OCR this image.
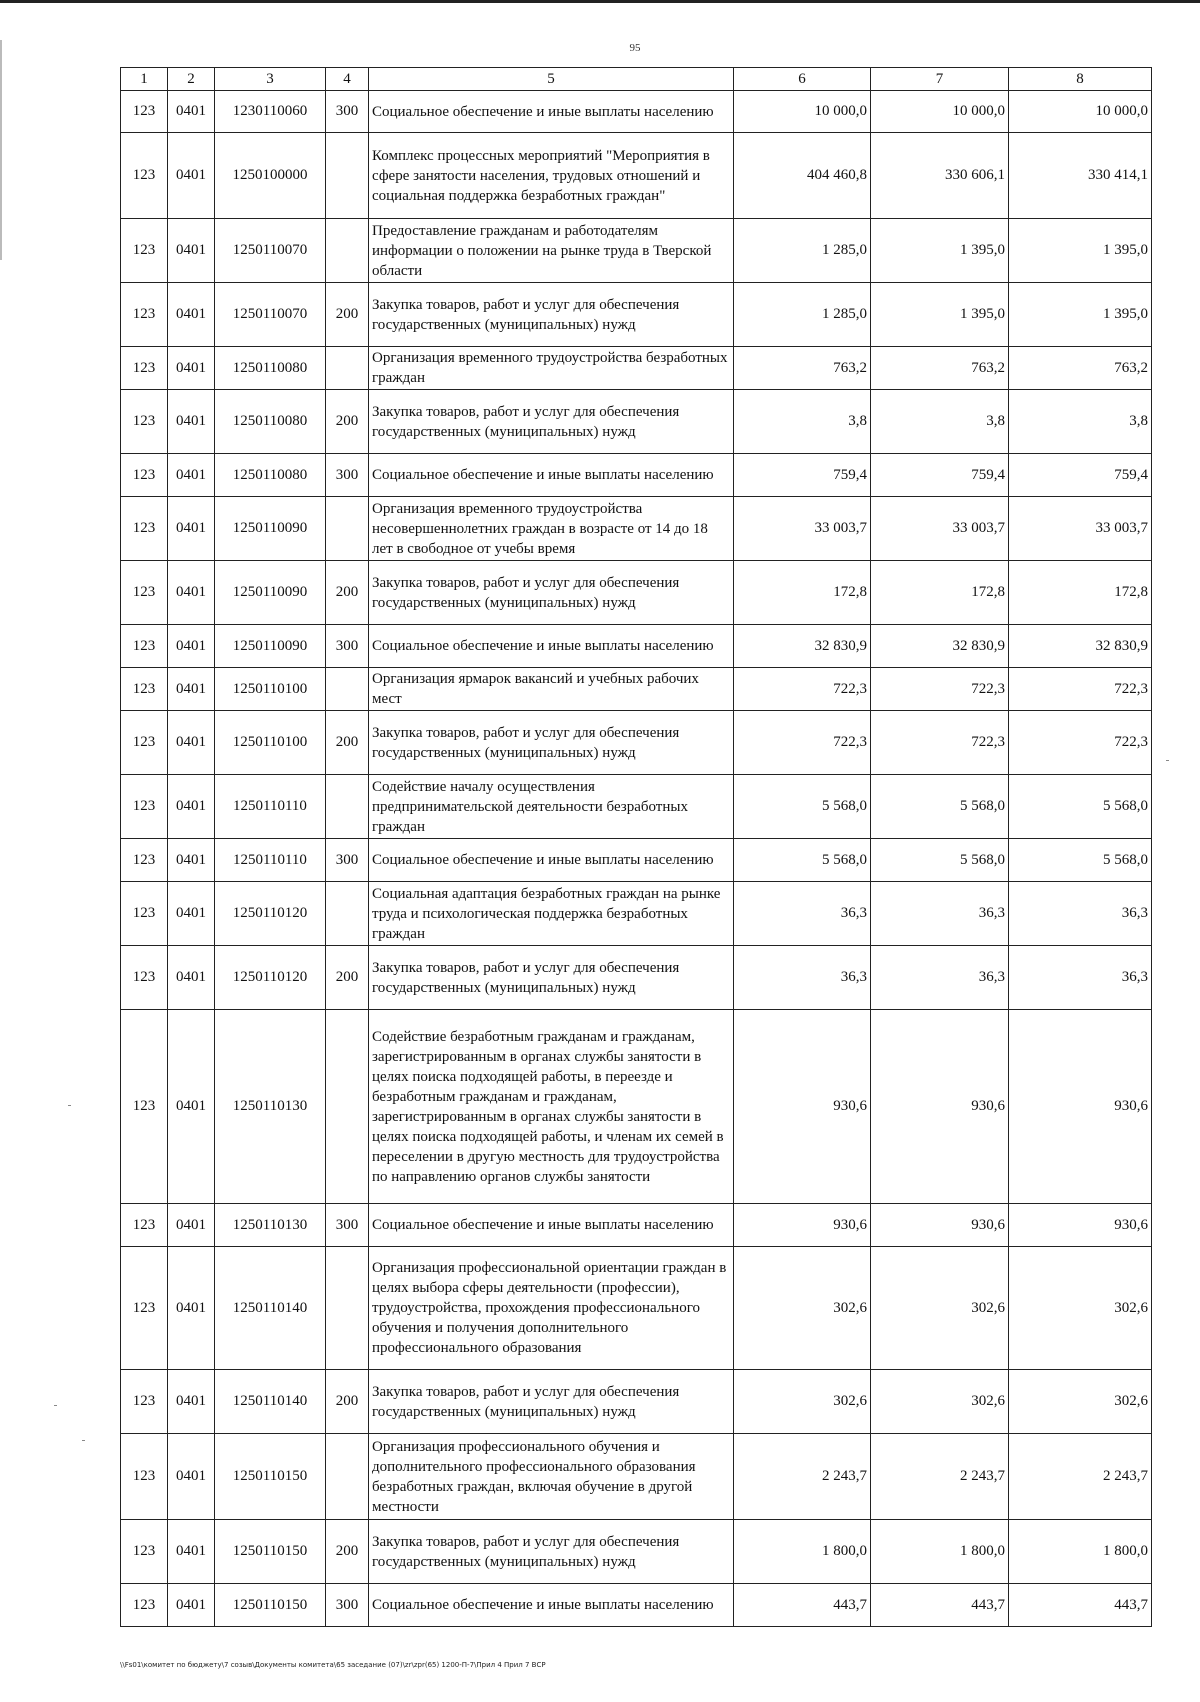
95
1	2	3	4	5	6	7	8
123	0401	1230110060	300	Социальное обеспечение и иные выплаты населению	10 000,0	10 000,0	10 000,0
123	0401	1250100000		Комплекс процессных мероприятий "Мероприятия в сфере занятости населения, трудовых отношений и социальная поддержка безработных граждан"	404 460,8	330 606,1	330 414,1
123	0401	1250110070		Предоставление гражданам и работодателям информации о положении на рынке труда в Тверской области	1 285,0	1 395,0	1 395,0
123	0401	1250110070	200	Закупка товаров, работ и услуг для обеспечения государственных (муниципальных) нужд	1 285,0	1 395,0	1 395,0
123	0401	1250110080		Организация временного трудоустройства безработных граждан	763,2	763,2	763,2
123	0401	1250110080	200	Закупка товаров, работ и услуг для обеспечения государственных (муниципальных) нужд	3,8	3,8	3,8
123	0401	1250110080	300	Социальное обеспечение и иные выплаты населению	759,4	759,4	759,4
123	0401	1250110090		Организация временного трудоустройства несовершеннолетних граждан в возрасте от 14 до 18 лет в свободное от учебы время	33 003,7	33 003,7	33 003,7
123	0401	1250110090	200	Закупка товаров, работ и услуг для обеспечения государственных (муниципальных) нужд	172,8	172,8	172,8
123	0401	1250110090	300	Социальное обеспечение и иные выплаты населению	32 830,9	32 830,9	32 830,9
123	0401	1250110100		Организация ярмарок вакансий и учебных рабочих мест	722,3	722,3	722,3
123	0401	1250110100	200	Закупка товаров, работ и услуг для обеспечения государственных (муниципальных) нужд	722,3	722,3	722,3
123	0401	1250110110		Содействие началу осуществления предпринимательской деятельности безработных граждан	5 568,0	5 568,0	5 568,0
123	0401	1250110110	300	Социальное обеспечение и иные выплаты населению	5 568,0	5 568,0	5 568,0
123	0401	1250110120		Социальная адаптация безработных граждан на рынке труда и психологическая поддержка безработных граждан	36,3	36,3	36,3
123	0401	1250110120	200	Закупка товаров, работ и услуг для обеспечения государственных (муниципальных) нужд	36,3	36,3	36,3
123	0401	1250110130		Содействие безработным гражданам и гражданам, зарегистрированным в органах службы занятости в целях поиска подходящей работы, в переезде и безработным гражданам и гражданам, зарегистрированным в органах службы занятости в целях поиска подходящей работы, и членам их семей в переселении в другую местность для трудоустройства по направлению органов службы занятости	930,6	930,6	930,6
123	0401	1250110130	300	Социальное обеспечение и иные выплаты населению	930,6	930,6	930,6
123	0401	1250110140		Организация профессиональной ориентации граждан в целях выбора сферы деятельности (профессии), трудоустройства, прохождения профессионального обучения и получения дополнительного профессионального образования	302,6	302,6	302,6
123	0401	1250110140	200	Закупка товаров, работ и услуг для обеспечения государственных (муниципальных) нужд	302,6	302,6	302,6
123	0401	1250110150		Организация профессионального обучения и дополнительного профессионального образования безработных граждан, включая обучение в другой местности	2 243,7	2 243,7	2 243,7
123	0401	1250110150	200	Закупка товаров, работ и услуг для обеспечения государственных (муниципальных) нужд	1 800,0	1 800,0	1 800,0
123	0401	1250110150	300	Социальное обеспечение и иные выплаты населению	443,7	443,7	443,7
\\Fs01\комитет по бюджету\7 созыв\Документы комитета\65 заседание (07)\zr\zpr(65) 1200-П-7\Прил 4 Прил 7 ВСР
